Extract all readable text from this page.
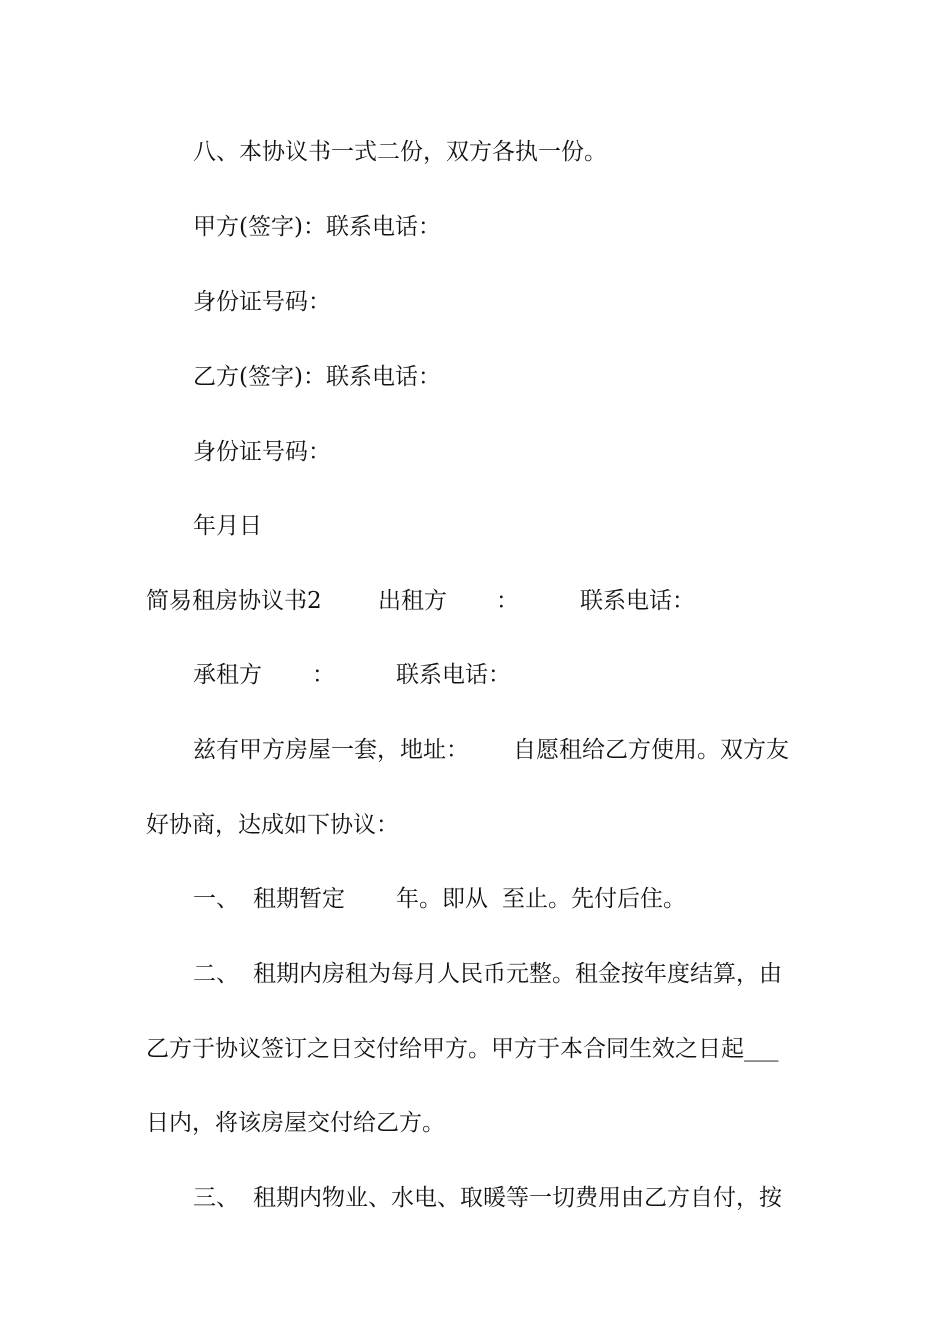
八、本协议书一式二份，双方各执一份。
甲方(签字)：联系电话：
身份证号码：
乙方(签字)：联系电话：
身份证号码：
年月日
简易租房协议书2 出租方 ：	联系电话：
承租方 ：	联系电话：
兹有甲方房屋一套，地址： 自愿租给乙方使用。双方友
好协商，达成如下协议：
一、 租期暂定 年。即从 至止。先付后住。
二、 租期内房租为每月人民币元整。租金按年度结算，由
乙方于协议签订之日交付给甲方。甲方于本合同生效之日起___
日内，将该房屋交付给乙方。
三、 租期内物业、水电、取暖等一切费用由乙方自付，按
